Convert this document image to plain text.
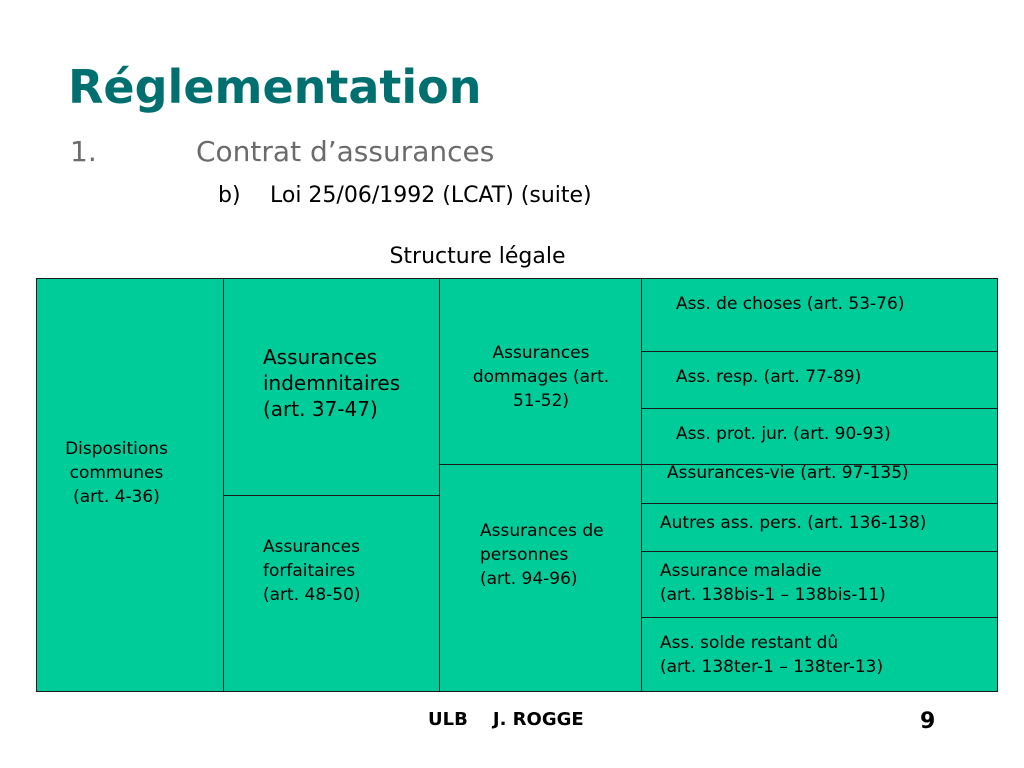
Réglementation
1.	Contrat d’assurances
b) Loi 25/06/1992 (LCAT) (suite)
Structure légale
Dispositions
communes
(art. 4-36)
Assurances
indemnitaires
(art. 37-47)
Assurances
forfaitaires
(art. 48-50)
Assurances
dommages (art.
51-52)
Assurances de
personnes
(art. 94-96)
Ass. de choses (art. 53-76)
Ass. resp. (art. 77-89)
Ass. prot. jur. (art. 90-93)
Assurances-vie (art. 97-135)
Autres ass. pers. (art. 136-138)
Assurance maladie
(art. 138bis-1 – 138bis-11)
Ass. solde restant dû
(art. 138ter-1 – 138ter-13)
ULB    J. ROGGE	9
